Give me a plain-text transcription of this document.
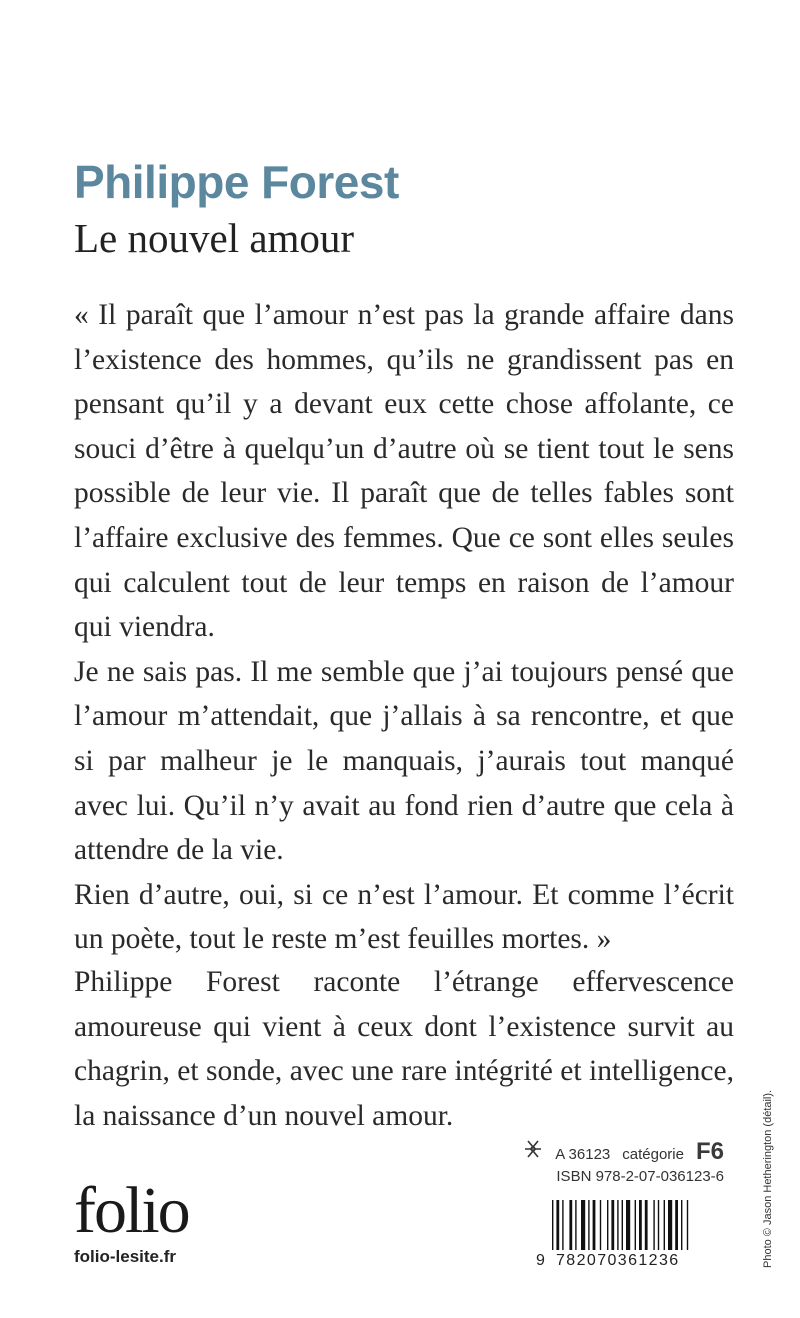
Philippe Forest
Le nouvel amour

« Il paraît que l’amour n’est pas la grande affaire dans l’existence des hommes, qu’ils ne grandissent pas en pensant qu’il y a devant eux cette chose affolante, ce souci d’être à quelqu’un d’autre où se tient tout le sens possible de leur vie. Il paraît que de telles fables sont l’affaire exclusive des femmes. Que ce sont elles seules qui calculent tout de leur temps en raison de l’amour qui viendra.

Je ne sais pas. Il me semble que j’ai toujours pensé que l’amour m’attendait, que j’allais à sa rencontre, et que si par malheur je le manquais, j’aurais tout manqué avec lui. Qu’il n’y avait au fond rien d’autre que cela à attendre de la vie.

Rien d’autre, oui, si ce n’est l’amour. Et comme l’écrit un poète, tout le reste m’est feuilles mortes. »

Philippe Forest raconte l’étrange effervescence amoureuse qui vient à ceux dont l’existence survit au chagrin, et sonde, avec une rare intégrité et intelligence, la naissance d’un nouvel amour.	Photo © Jason Hetherington (détail).
A 36123 catégorie F6
ISBN 978-2-07-036123-6
9 782070361236
folio
folio-lesite.fr
